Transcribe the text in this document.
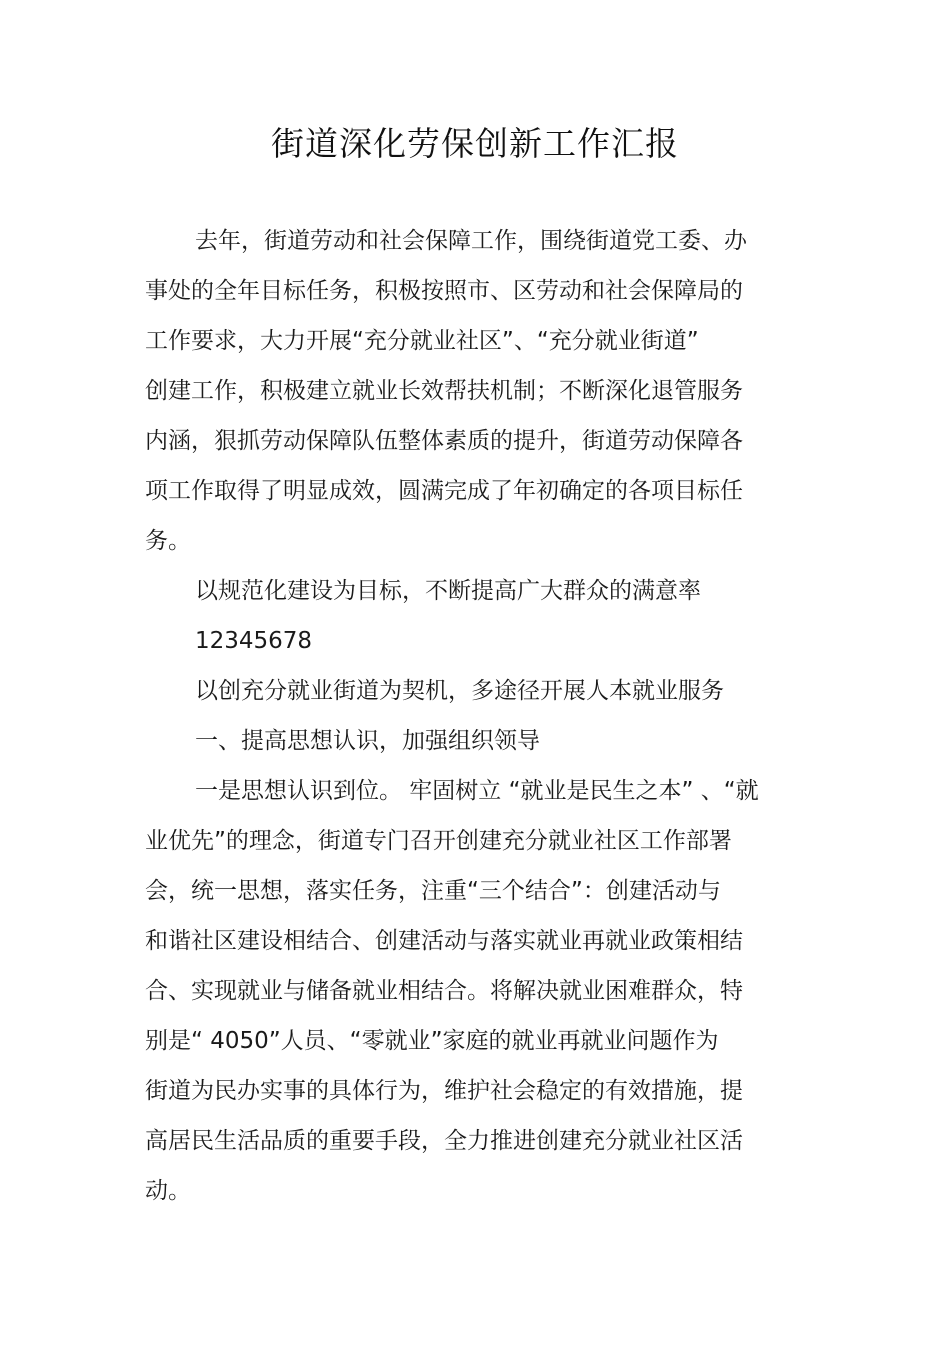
街道深化劳保创新工作汇报
去年，街道劳动和社会保障工作，围绕街道党工委、办
事处的全年目标任务，积极按照市、区劳动和社会保障局的
工作要求，大力开展“充分就业社区”、“充分就业街道”
创建工作，积极建立就业长效帮扶机制；不断深化退管服务
内涵，狠抓劳动保障队伍整体素质的提升，街道劳动保障各
项工作取得了明显成效，圆满完成了年初确定的各项目标任
务。
以规范化建设为目标，不断提高广大群众的满意率
12345678
以创充分就业街道为契机，多途径开展人本就业服务
一、提高思想认识，加强组织领导
一是思想认识到位。 牢固树立 “就业是民生之本” 、“就
业优先”的理念，街道专门召开创建充分就业社区工作部署
会，统一思想，落实任务，注重“三个结合”：创建活动与
和谐社区建设相结合、创建活动与落实就业再就业政策相结
合、实现就业与储备就业相结合。将解决就业困难群众，特
别是“ 4050”人员、“零就业”家庭的就业再就业问题作为
街道为民办实事的具体行为，维护社会稳定的有效措施，提
高居民生活品质的重要手段，全力推进创建充分就业社区活
动。
